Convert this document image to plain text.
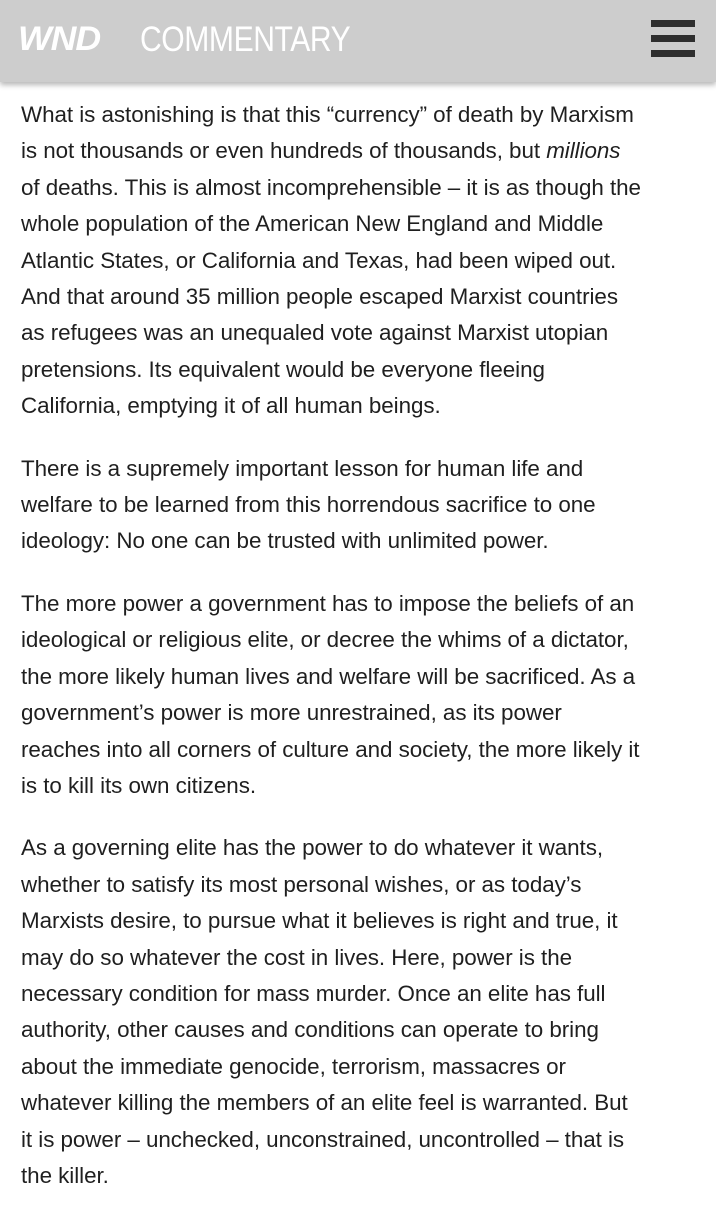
WND COMMENTARY

What is astonishing is that this “currency” of death by Marxism
is not thousands or even hundreds of thousands, but millions
of deaths. This is almost incomprehensible – it is as though the
whole population of the American New England and Middle
Atlantic States, or California and Texas, had been wiped out.
And that around 35 million people escaped Marxist countries
as refugees was an unequaled vote against Marxist utopian
pretensions. Its equivalent would be everyone fleeing
California, emptying it of all human beings.

There is a supremely important lesson for human life and
welfare to be learned from this horrendous sacrifice to one
ideology: No one can be trusted with unlimited power.

The more power a government has to impose the beliefs of an
ideological or religious elite, or decree the whims of a dictator,
the more likely human lives and welfare will be sacrificed. As a
government’s power is more unrestrained, as its power
reaches into all corners of culture and society, the more likely it
is to kill its own citizens.

As a governing elite has the power to do whatever it wants,
whether to satisfy its most personal wishes, or as today’s
Marxists desire, to pursue what it believes is right and true, it
may do so whatever the cost in lives. Here, power is the
necessary condition for mass murder. Once an elite has full
authority, other causes and conditions can operate to bring
about the immediate genocide, terrorism, massacres or
whatever killing the members of an elite feel is warranted. But
it is power – unchecked, unconstrained, uncontrolled – that is
the killer.
